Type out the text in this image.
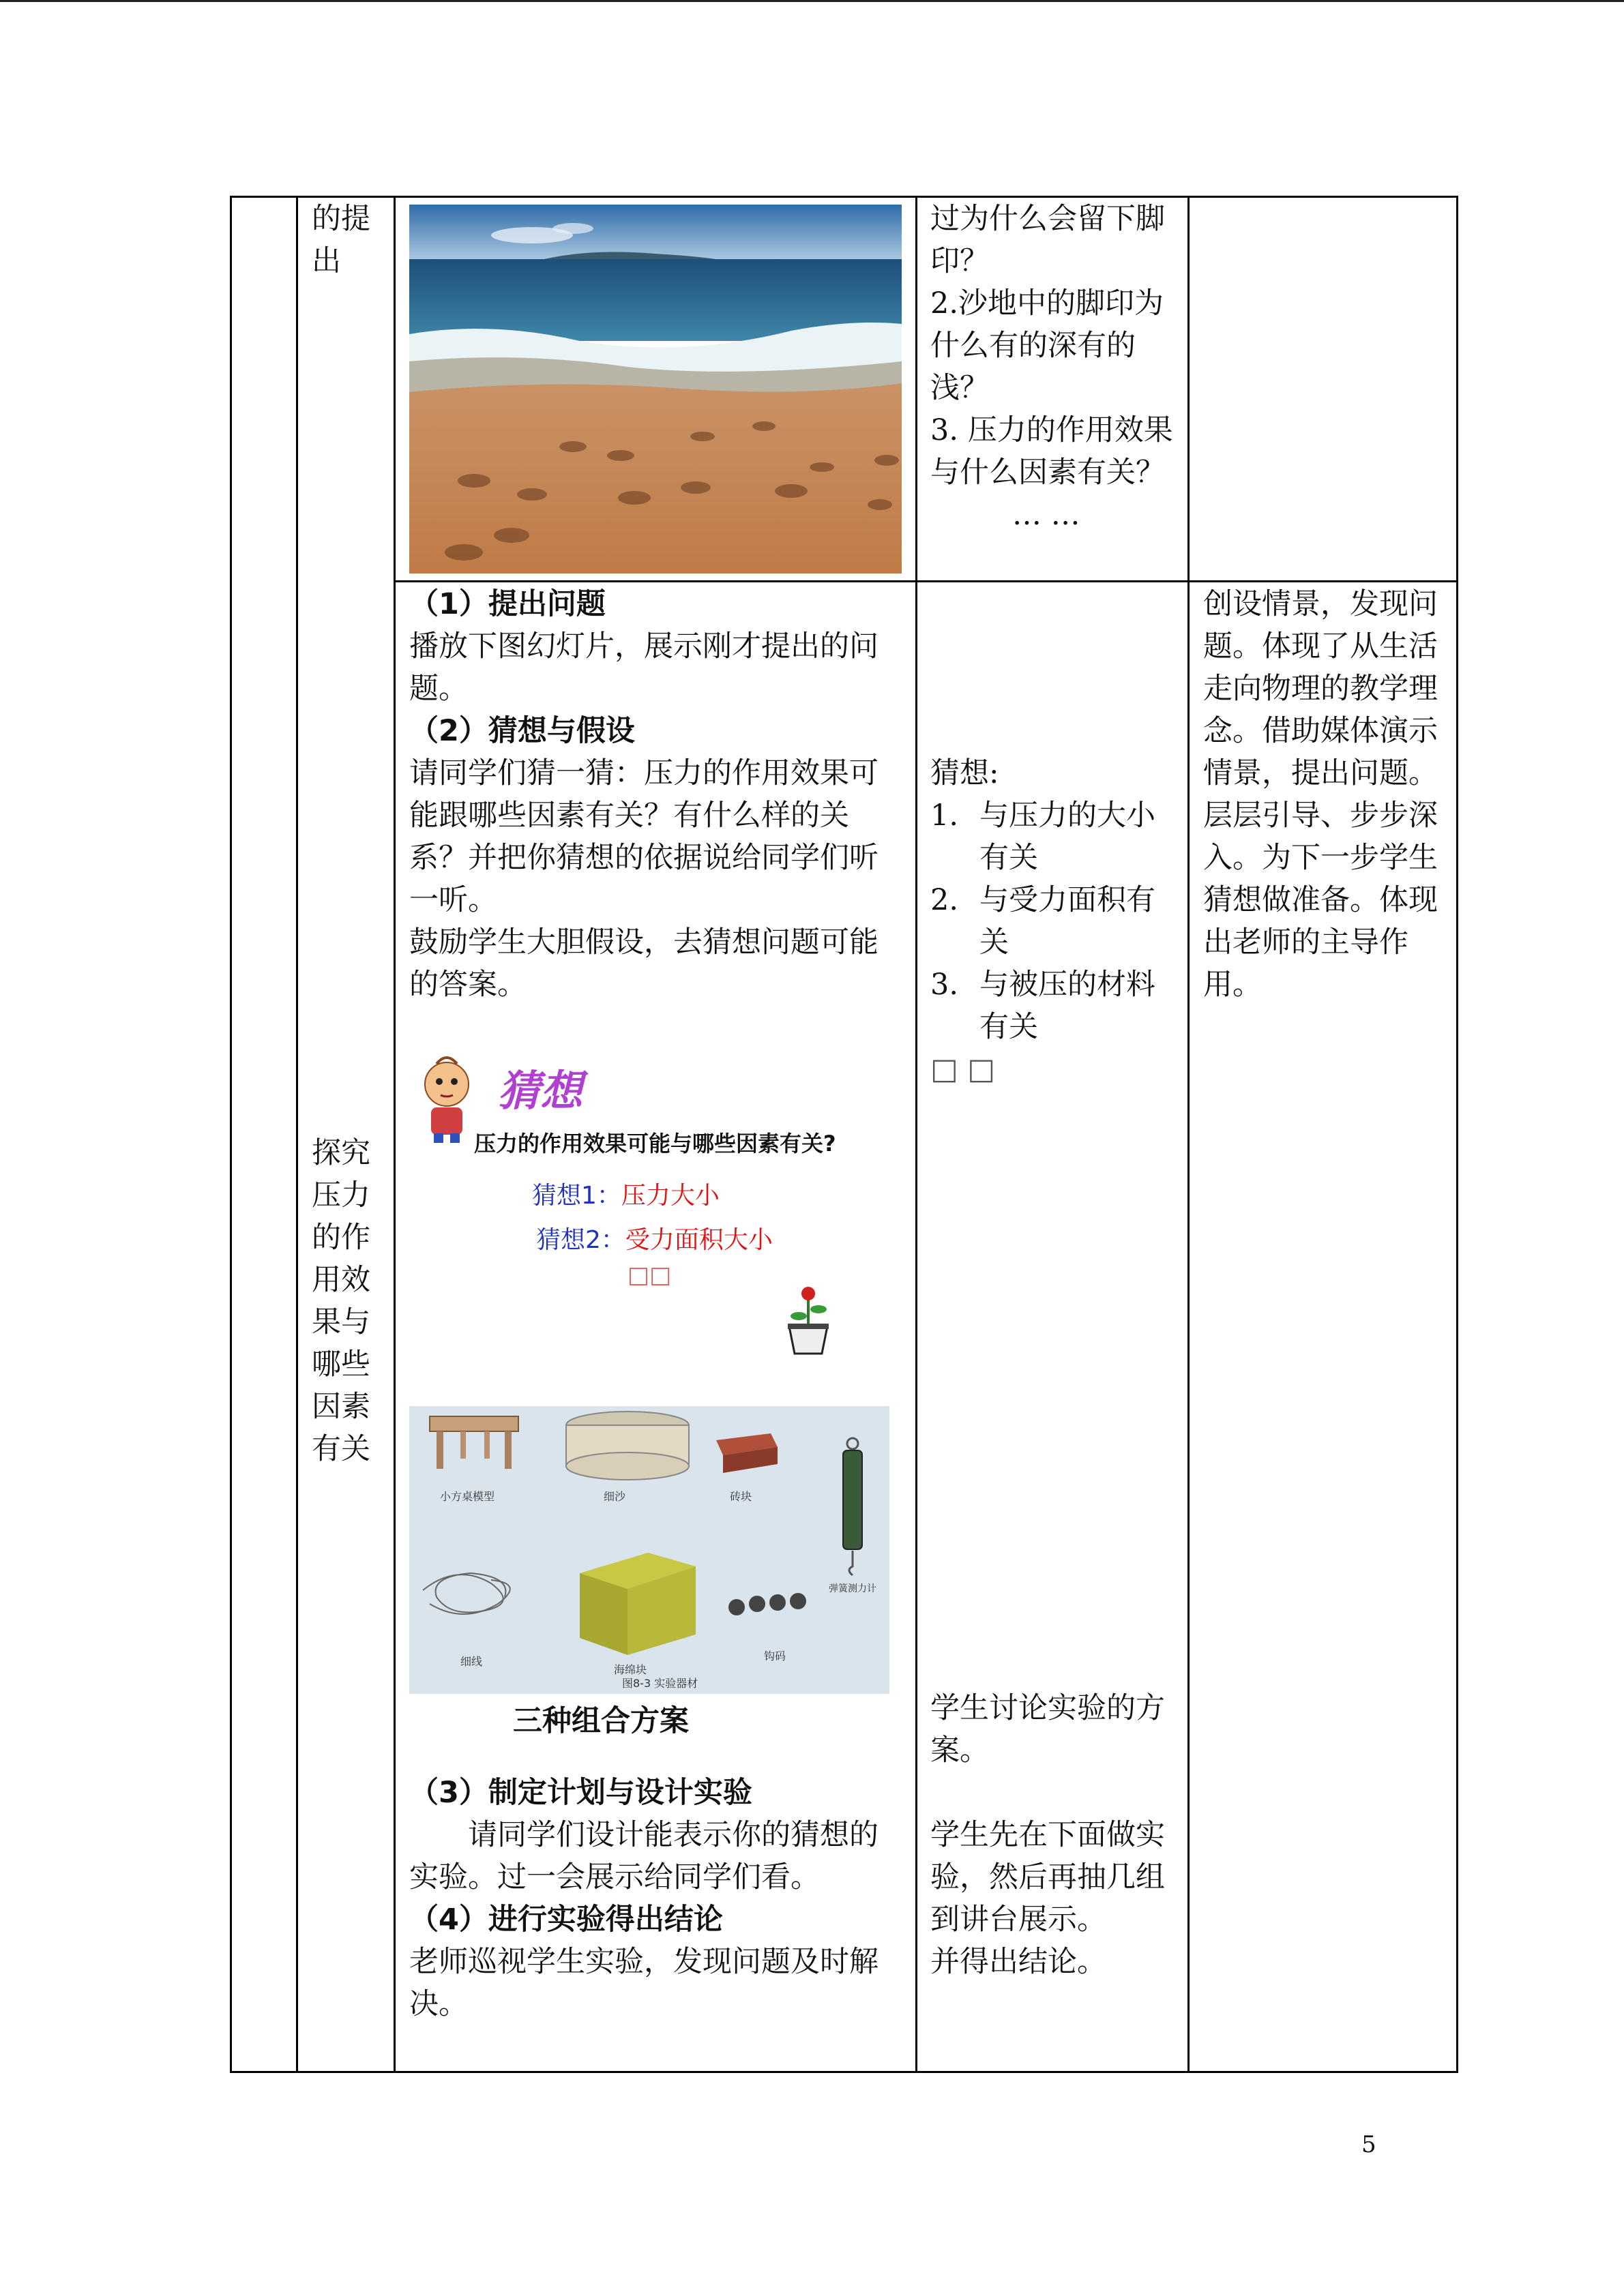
的提出
过为什么会留下脚印？
2.沙地中的脚印为什么有的深有的浅？
3. 压力的作用效果与什么因素有关？
… …
探究压力的作用效果与哪些因素有关
（1）提出问题
播放下图幻灯片，展示刚才提出的问题。
（2）猜想与假设
请同学们猜一猜：压力的作用效果可能跟哪些因素有关？有什么样的关系？并把你猜想的依据说给同学们听一听。
鼓励学生大胆假设，去猜想问题可能的答案。
猜想
压力的作用效果可能与哪些因素有关?
猜想1：压力大小
猜想2：受力面积大小
□□
小方桌模型	细沙	砖块
弹簧测力计
细线
海绵块
钩码
图8-3 实验器材
三种组合方案
（3）制定计划与设计实验
请同学们设计能表示你的猜想的实验。过一会展示给同学们看。
（4）进行实验得出结论
老师巡视学生实验，发现问题及时解决。
猜想:
1. 与压力的大小有关
2. 与受力面积有关
3. 与被压的材料有关
□ □
学生讨论实验的方案。
学生先在下面做实验，然后再抽几组到讲台展示。
并得出结论。
创设情景，发现问题。体现了从生活走向物理的教学理念。借助媒体演示情景，提出问题。层层引导、步步深入。为下一步学生猜想做准备。体现出老师的主导作用。
5
